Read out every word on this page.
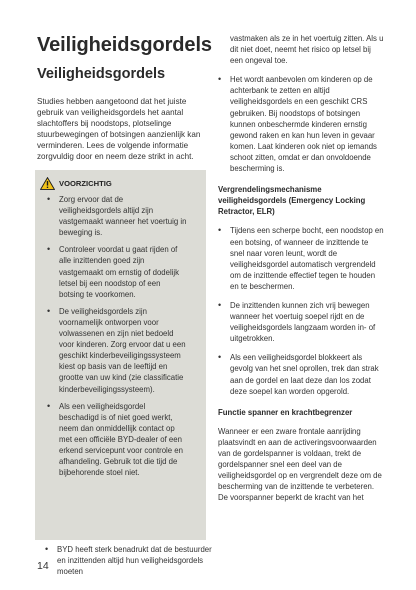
Veiligheidsgordels
Veiligheidsgordels

Studies hebben aangetoond dat het juiste gebruik van veiligheidsgordels het aantal slachtoffers bij noodstops, plotselinge stuurbewegingen of botsingen aanzienlijk kan verminderen. Lees de volgende informatie zorgvuldig door en neem deze strikt in acht.

VOORZICHTIG
• Zorg ervoor dat de veiligheidsgordels altijd zijn vastgemaakt wanneer het voertuig in beweging is.
• Controleer voordat u gaat rijden of alle inzittenden goed zijn vastgemaakt om ernstig of dodelijk letsel bij een noodstop of een botsing te voorkomen.
• De veiligheidsgordels zijn voornamelijk ontworpen voor volwassenen en zijn niet bedoeld voor kinderen. Zorg ervoor dat u een geschikt kinderbeveiligingssysteem kiest op basis van de leeftijd en grootte van uw kind (zie classificatie kinderbeveiligingssysteem).
• Als een veiligheidsgordel beschadigd is of niet goed werkt, neem dan onmiddellijk contact op met een officiële BYD-dealer of een erkend servicepunt voor controle en afhandeling. Gebruik tot die tijd de bijbehorende stoel niet.
• BYD heeft sterk benadrukt dat de bestuurder en inzittenden altijd hun veiligheidsgordels moeten

vastmaken als ze in het voertuig zitten. Als u dit niet doet, neemt het risico op letsel bij een ongeval toe.

• Het wordt aanbevolen om kinderen op de achterbank te zetten en altijd veiligheidsgordels en een geschikt CRS gebruiken. Bij noodstops of botsingen kunnen onbeschermde kinderen ernstig gewond raken en kan hun leven in gevaar komen. Laat kinderen ook niet op iemands schoot zitten, omdat er dan onvoldoende bescherming is.

Vergrendelingsmechanisme veiligheidsgordels (Emergency Locking Retractor, ELR)

• Tijdens een scherpe bocht, een noodstop en een botsing, of wanneer de inzittende te snel naar voren leunt, wordt de veiligheidsgordel automatisch vergrendeld om de inzittende effectief tegen te houden en te beschermen.
• De inzittenden kunnen zich vrij bewegen wanneer het voertuig soepel rijdt en de veiligheidsgordels langzaam worden in- of uitgetrokken.
• Als een veiligheidsgordel blokkeert als gevolg van het snel oprollen, trek dan strak aan de gordel en laat deze dan los zodat deze soepel kan worden opgerold.

Functie spanner en krachtbegrenzer

Wanneer er een zware frontale aanrijding plaatsvindt en aan de activeringsvoorwaarden van de gordelspanner is voldaan, trekt de gordelspanner snel een deel van de veiligheidsgordel op en vergrendelt deze om de bescherming van de inzittende te verbeteren. De voorspanner beperkt de kracht van het

14
